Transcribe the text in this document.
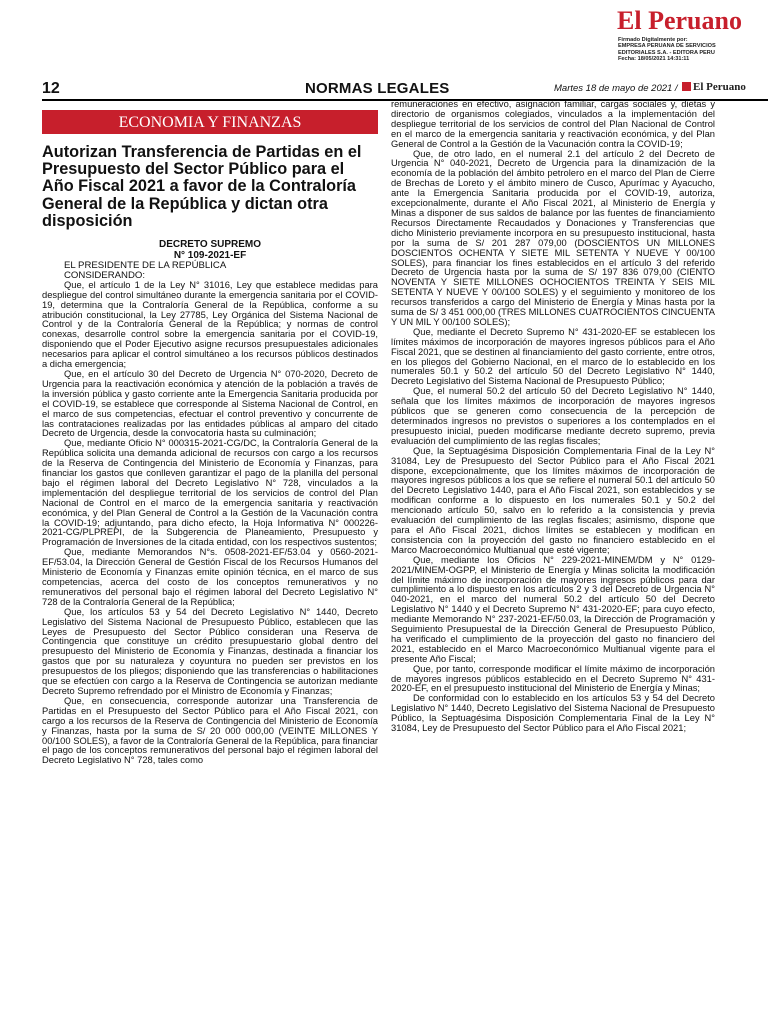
El Peruano
Firmado Digitalmente por:
EMPRESA PERUANA DE SERVICIOS
EDITORIALES S.A. - EDITORA PERU
Fecha: 18/05/2021 14:31:11
12	NORMAS LEGALES	Martes 18 de mayo de 2021 /	El Peruano
ECONOMIA Y FINANZAS
Autorizan Transferencia de Partidas en el Presupuesto del Sector Público para el Año Fiscal 2021 a favor de la Contraloría General de la República y dictan otra disposición
DECRETO SUPREMO
N° 109-2021-EF

EL PRESIDENTE DE LA REPÚBLICA

CONSIDERANDO:

Que, el artículo 1 de la Ley N° 31016, Ley que establece medidas para despliegue del control simultáneo durante la emergencia sanitaria por el COVID-19, determina que la Contraloría General de la República, conforme a su atribución constitucional, la Ley 27785, Ley Orgánica del Sistema Nacional de Control y de la Contraloría General de la República; y normas de control conexas, desarrolle control sobre la emergencia sanitaria por el COVID-19, disponiendo que el Poder Ejecutivo asigne recursos presupuestales adicionales necesarios para aplicar el control simultáneo a los recursos públicos destinados a dicha emergencia;

Que, en el artículo 30 del Decreto de Urgencia N° 070-2020, Decreto de Urgencia para la reactivación económica y atención de la población a través de la inversión pública y gasto corriente ante la Emergencia Sanitaria producida por el COVID-19, se establece que corresponde al Sistema Nacional de Control, en el marco de sus competencias, efectuar el control preventivo y concurrente de las contrataciones realizadas por las entidades públicas al amparo del citado Decreto de Urgencia, desde la convocatoria hasta su culminación;

Que, mediante Oficio N° 000315-2021-CG/DC, la Contraloría General de la República solicita una demanda adicional de recursos con cargo a los recursos de la Reserva de Contingencia del Ministerio de Economía y Finanzas, para financiar los gastos que conlleven garantizar el pago de la planilla del personal bajo el régimen laboral del Decreto Legislativo N° 728, vinculados a la implementación del despliegue territorial de los servicios de control del Plan Nacional de Control en el marco de la emergencia sanitaria y reactivación económica, y del Plan General de Control a la Gestión de la Vacunación contra la COVID-19; adjuntando, para dicho efecto, la Hoja Informativa N° 000226-2021-CG/PLPREPI, de la Subgerencia de Planeamiento, Presupuesto y Programación de Inversiones de la citada entidad, con los respectivos sustentos;

Que, mediante Memorandos N°s. 0508-2021-EF/53.04 y 0560-2021-EF/53.04, la Dirección General de Gestión Fiscal de los Recursos Humanos del Ministerio de Economía y Finanzas emite opinión técnica, en el marco de sus competencias, acerca del costo de los conceptos remunerativos y no remunerativos del personal bajo el régimen laboral del Decreto Legislativo N° 728 de la Contraloría General de la República;

Que, los artículos 53 y 54 del Decreto Legislativo N° 1440, Decreto Legislativo del Sistema Nacional de Presupuesto Público, establecen que las Leyes de Presupuesto del Sector Público consideran una Reserva de Contingencia que constituye un crédito presupuestario global dentro del presupuesto del Ministerio de Economía y Finanzas, destinada a financiar los gastos que por su naturaleza y coyuntura no pueden ser previstos en los presupuestos de los pliegos; disponiendo que las transferencias o habilitaciones que se efectúen con cargo a la Reserva de Contingencia se autorizan mediante Decreto Supremo refrendado por el Ministro de Economía y Finanzas;

Que, en consecuencia, corresponde autorizar una Transferencia de Partidas en el Presupuesto del Sector Público para el Año Fiscal 2021, con cargo a los recursos de la Reserva de Contingencia del Ministerio de Economía y Finanzas, hasta por la suma de S/ 20 000 000,00 (VEINTE MILLONES Y 00/100 SOLES), a favor de la Contraloría General de la República, para financiar el pago de los conceptos remunerativos del personal bajo el régimen laboral del Decreto Legislativo N° 728, tales como

remuneraciones en efectivo, asignación familiar, cargas sociales y, dietas y directorio de organismos colegiados, vinculados a la implementación del despliegue territorial de los servicios de control del Plan Nacional de Control en el marco de la emergencia sanitaria y reactivación económica, y del Plan General de Control a la Gestión de la Vacunación contra la COVID-19;

Que, de otro lado, en el numeral 2.1 del artículo 2 del Decreto de Urgencia N° 040-2021, Decreto de Urgencia para la dinamización de la economía de la población del ámbito petrolero en el marco del Plan de Cierre de Brechas de Loreto y el ámbito minero de Cusco, Apurímac y Ayacucho, ante la Emergencia Sanitaria producida por el COVID-19, autoriza, excepcionalmente, durante el Año Fiscal 2021, al Ministerio de Energía y Minas a disponer de sus saldos de balance por las fuentes de financiamiento Recursos Directamente Recaudados y Donaciones y Transferencias que dicho Ministerio previamente incorpora en su presupuesto institucional, hasta por la suma de S/ 201 287 079,00 (DOSCIENTOS UN MILLONES DOSCIENTOS OCHENTA Y SIETE MIL SETENTA Y NUEVE Y 00/100 SOLES), para financiar los fines establecidos en el artículo 3 del referido Decreto de Urgencia hasta por la suma de S/ 197 836 079,00 (CIENTO NOVENTA Y SIETE MILLONES OCHOCIENTOS TREINTA Y SEIS MIL SETENTA Y NUEVE Y 00/100 SOLES) y el seguimiento y monitoreo de los recursos transferidos a cargo del Ministerio de Energía y Minas hasta por la suma de S/ 3 451 000,00 (TRES MILLONES CUATROCIENTOS CINCUENTA Y UN MIL Y 00/100 SOLES);

Que, mediante el Decreto Supremo N° 431-2020-EF se establecen los límites máximos de incorporación de mayores ingresos públicos para el Año Fiscal 2021, que se destinen al financiamiento del gasto corriente, entre otros, en los pliegos del Gobierno Nacional, en el marco de lo establecido en los numerales 50.1 y 50.2 del artículo 50 del Decreto Legislativo N° 1440, Decreto Legislativo del Sistema Nacional de Presupuesto Público;

Que, el numeral 50.2 del artículo 50 del Decreto Legislativo N° 1440, señala que los límites máximos de incorporación de mayores ingresos públicos que se generen como consecuencia de la percepción de determinados ingresos no previstos o superiores a los contemplados en el presupuesto inicial, pueden modificarse mediante decreto supremo, previa evaluación del cumplimiento de las reglas fiscales;

Que, la Septuagésima Disposición Complementaria Final de la Ley N° 31084, Ley de Presupuesto del Sector Público para el Año Fiscal 2021 dispone, excepcionalmente, que los límites máximos de incorporación de mayores ingresos públicos a los que se refiere el numeral 50.1 del artículo 50 del Decreto Legislativo 1440, para el Año Fiscal 2021, son establecidos y se modifican conforme a lo dispuesto en los numerales 50.1 y 50.2 del mencionado artículo 50, salvo en lo referido a la consistencia y previa evaluación del cumplimiento de las reglas fiscales; asimismo, dispone que para el Año Fiscal 2021, dichos límites se establecen y modifican en consistencia con la proyección del gasto no financiero establecido en el Marco Macroeconómico Multianual que esté vigente;

Que, mediante los Oficios N° 229-2021-MINEM/DM y N° 0129-2021/MINEM-OGPP, el Ministerio de Energía y Minas solicita la modificación del límite máximo de incorporación de mayores ingresos públicos para dar cumplimiento a lo dispuesto en los artículos 2 y 3 del Decreto de Urgencia N° 040-2021, en el marco del numeral 50.2 del artículo 50 del Decreto Legislativo N° 1440 y el Decreto Supremo N° 431-2020-EF; para cuyo efecto, mediante Memorando N° 237-2021-EF/50.03, la Dirección de Programación y Seguimiento Presupuestal de la Dirección General de Presupuesto Público, ha verificado el cumplimiento de la proyección del gasto no financiero del 2021, establecido en el Marco Macroeconómico Multianual vigente para el presente Año Fiscal;

Que, por tanto, corresponde modificar el límite máximo de incorporación de mayores ingresos públicos establecido en el Decreto Supremo N° 431-2020-EF, en el presupuesto institucional del Ministerio de Energía y Minas;

De conformidad con lo establecido en los artículos 53 y 54 del Decreto Legislativo N° 1440, Decreto Legislativo del Sistema Nacional de Presupuesto Público, la Septuagésima Disposición Complementaria Final de la Ley N° 31084, Ley de Presupuesto del Sector Público para el Año Fiscal 2021;
